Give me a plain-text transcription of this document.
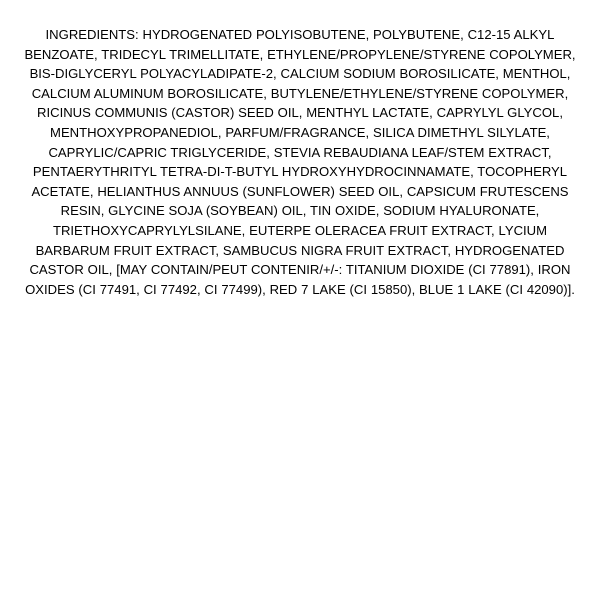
INGREDIENTS: HYDROGENATED POLYISOBUTENE, POLYBUTENE, C12-15 ALKYL BENZOATE, TRIDECYL TRIMELLITATE, ETHYLENE/PROPYLENE/STYRENE COPOLYMER, BIS-DIGLYCERYL POLYACYLADIPATE-2, CALCIUM SODIUM BOROSILICATE, MENTHOL, CALCIUM ALUMINUM BOROSILICATE, BUTYLENE/ETHYLENE/STYRENE COPOLYMER, RICINUS COMMUNIS (CASTOR) SEED OIL, MENTHYL LACTATE, CAPRYLYL GLYCOL, MENTHOXYPROPANEDIOL, PARFUM/FRAGRANCE, SILICA DIMETHYL SILYLATE, CAPRYLIC/CAPRIC TRIGLYCERIDE, STEVIA REBAUDIANA LEAF/STEM EXTRACT, PENTAERYTHRITYL TETRA-DI-T-BUTYL HYDROXYHYDROCINNAMATE, TOCOPHERYL ACETATE, HELIANTHUS ANNUUS (SUNFLOWER) SEED OIL, CAPSICUM FRUTESCENS RESIN, GLYCINE SOJA (SOYBEAN) OIL, TIN OXIDE, SODIUM HYALURONATE, TRIETHOXYCAPRYLYLSILANE, EUTERPE OLERACEA FRUIT EXTRACT, LYCIUM BARBARUM FRUIT EXTRACT, SAMBUCUS NIGRA FRUIT EXTRACT, HYDROGENATED CASTOR OIL, [MAY CONTAIN/PEUT CONTENIR/+/-: TITANIUM DIOXIDE (CI 77891), IRON OXIDES (CI 77491, CI 77492, CI 77499), RED 7 LAKE (CI 15850), BLUE 1 LAKE (CI 42090)].
